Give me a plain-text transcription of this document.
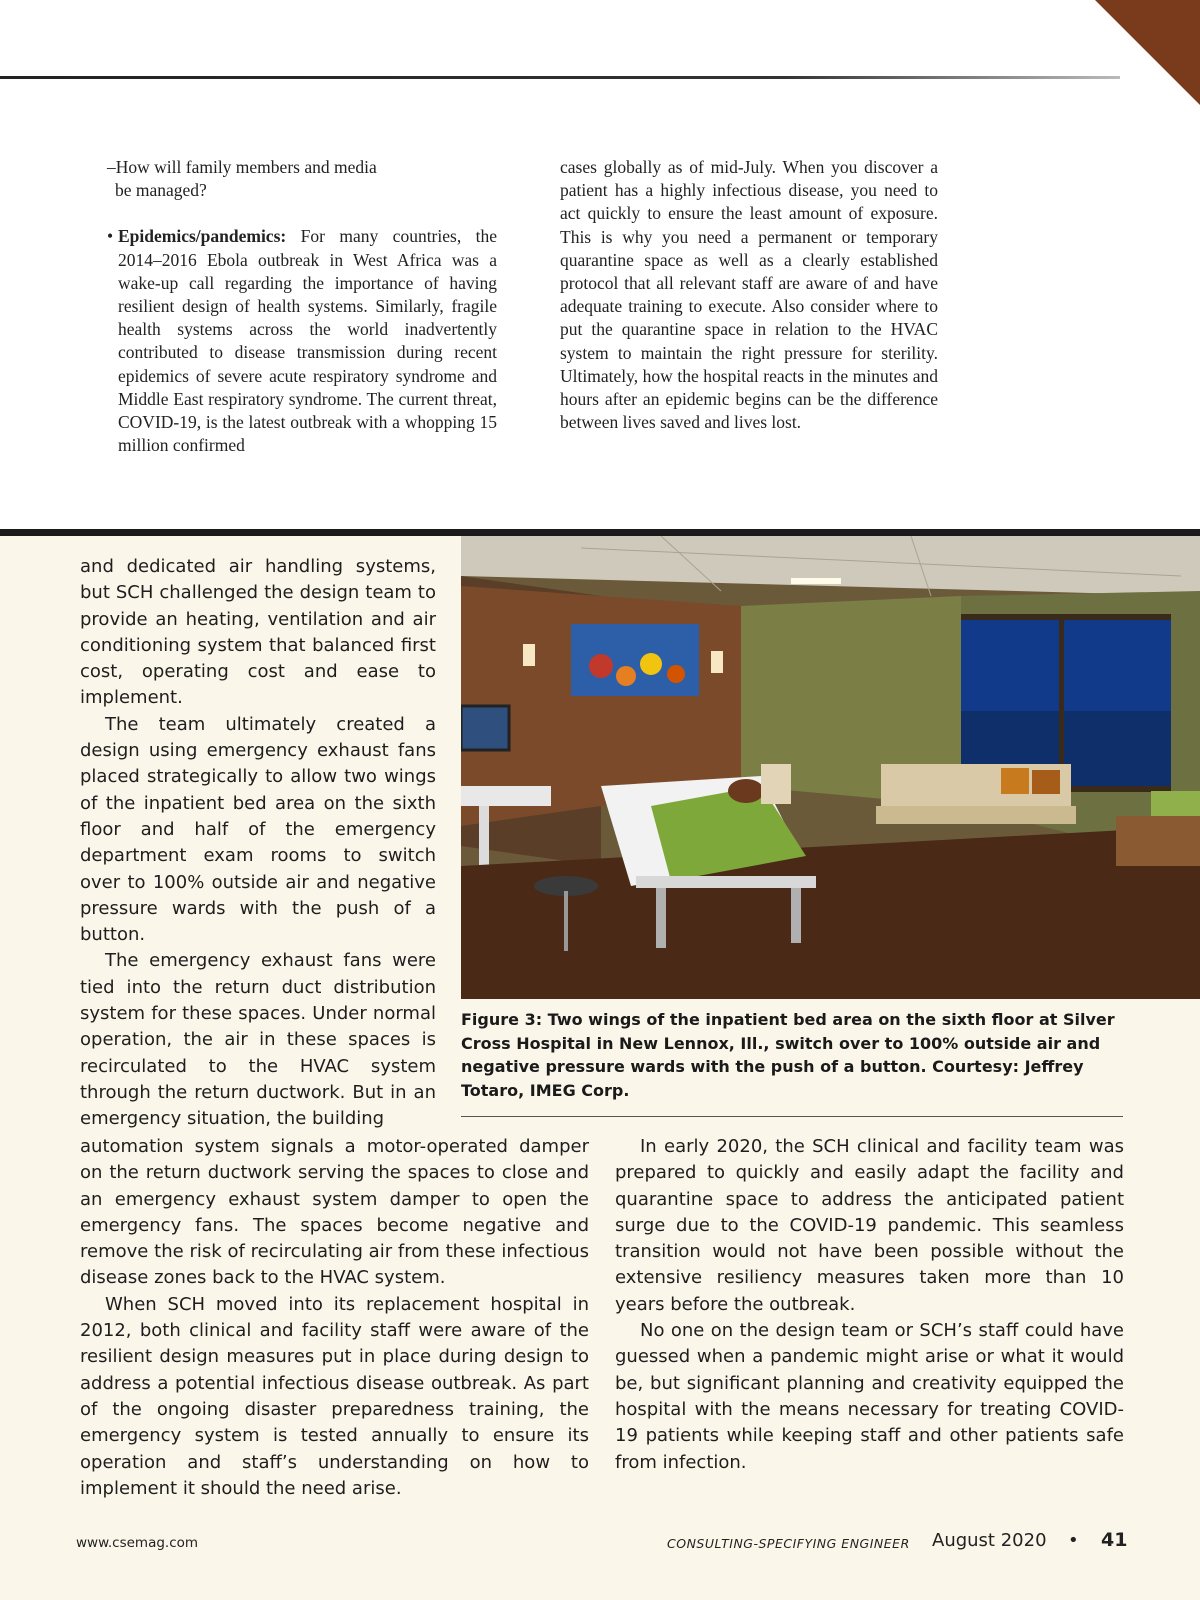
–How will family members and media

be managed?

• Epidemics/pandemics: For many countries, the 2014–2016 Ebola outbreak in West Africa was a wake-up call regarding the importance of having resilient design of health systems. Similarly, fragile health systems across the world inadvertently contributed to disease transmission during recent epidemics of severe acute respiratory syndrome and Middle East respiratory syndrome. The current threat, COVID-19, is the latest outbreak with a whopping 15 million confirmed

cases globally as of mid-July. When you discover a patient has a highly infectious disease, you need to act quickly to ensure the least amount of exposure. This is why you need a permanent or temporary quarantine space as well as a clearly established protocol that all relevant staff are aware of and have adequate training to execute. Also consider where to put the quarantine space in relation to the HVAC system to maintain the right pressure for sterility. Ultimately, how the hospital reacts in the minutes and hours after an epidemic begins can be the difference between lives saved and lives lost.

Figure 3: Two wings of the inpatient bed area on the sixth floor at Silver Cross Hospital in New Lennox, Ill., switch over to 100% outside air and negative pressure wards with the push of a button. Courtesy: Jeffrey Totaro, IMEG Corp.

and dedicated air handling systems, but SCH challenged the design team to provide an heating, ventilation and air conditioning system that balanced first cost, operating cost and ease to implement.

The team ultimately created a design using emergency exhaust fans placed strategically to allow two wings of the inpatient bed area on the sixth floor and half of the emergency department exam rooms to switch over to 100% outside air and negative pressure wards with the push of a button.

The emergency exhaust fans were tied into the return duct distribution system for these spaces. Under normal operation, the air in these spaces is recirculated to the HVAC system through the return ductwork. But in an emergency situation, the building

automation system signals a motor-operated damper on the return ductwork serving the spaces to close and an emergency exhaust system damper to open the emergency fans. The spaces become negative and remove the risk of recirculating air from these infectious disease zones back to the HVAC system.

When SCH moved into its replacement hospital in 2012, both clinical and facility staff were aware of the resilient design measures put in place during design to address a potential infectious disease outbreak. As part of the ongoing disaster preparedness training, the emergency system is tested annually to ensure its operation and staff’s understanding on how to implement it should the need arise.

In early 2020, the SCH clinical and facility team was prepared to quickly and easily adapt the facility and quarantine space to address the anticipated patient surge due to the COVID-19 pandemic. This seamless transition would not have been possible without the extensive resiliency measures taken more than 10 years before the outbreak.

No one on the design team or SCH’s staff could have guessed when a pandemic might arise or what it would be, but significant planning and creativity equipped the hospital with the means necessary for treating COVID-19 patients while keeping staff and other patients safe from infection.

www.csemag.com	CONSULTING-SPECIFYING ENGINEER August 2020 • 41
